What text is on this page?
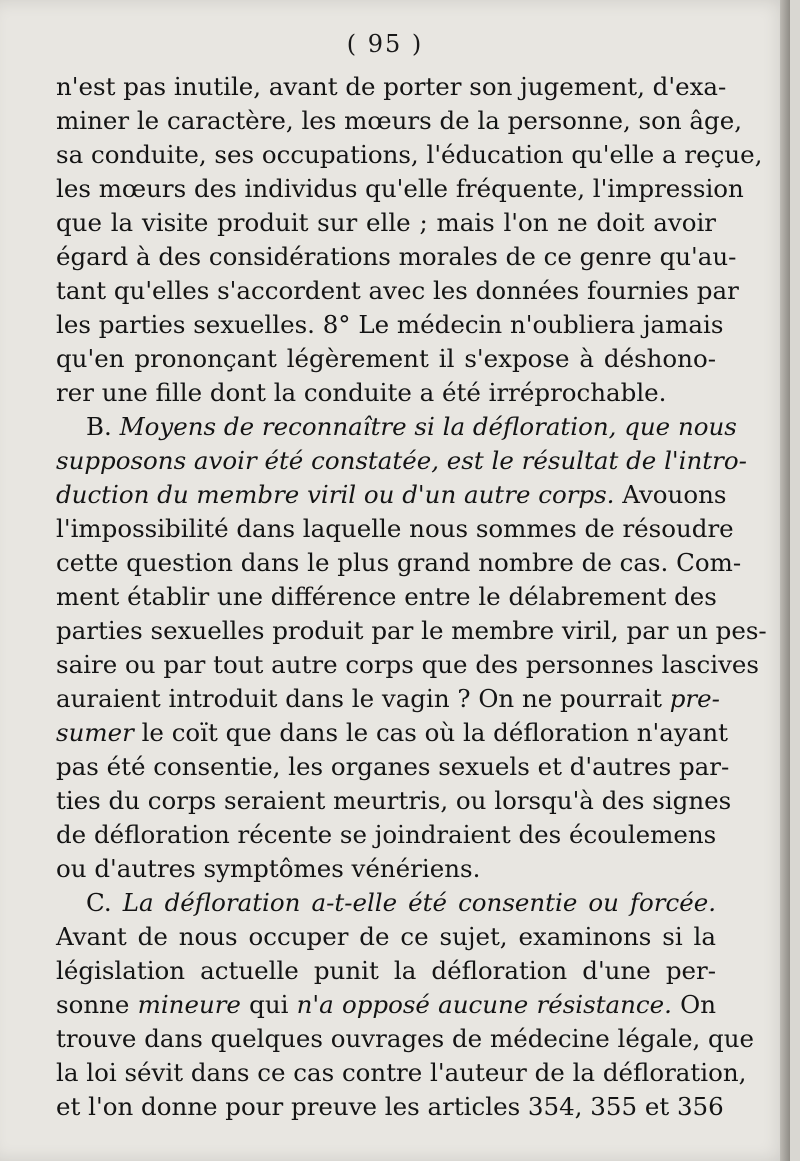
( 95 )
n'est pas inutile, avant de porter son jugement, d'exa-
miner le caractère, les mœurs de la personne, son âge,
sa conduite, ses occupations, l'éducation qu'elle a reçue,
les mœurs des individus qu'elle fréquente, l'impression
que la visite produit sur elle ; mais l'on ne doit avoir
égard à des considérations morales de ce genre qu'au-
tant qu'elles s'accordent avec les données fournies par
les parties sexuelles. 8° Le médecin n'oubliera jamais
qu'en prononçant légèrement il s'expose à déshono-
rer une fille dont la conduite a été irréprochable.
B. Moyens de reconnaître si la défloration, que nous
supposons avoir été constatée, est le résultat de l'intro-
duction du membre viril ou d'un autre corps. Avouons
l'impossibilité dans laquelle nous sommes de résoudre
cette question dans le plus grand nombre de cas. Com-
ment établir une différence entre le délabrement des
parties sexuelles produit par le membre viril, par un pes-
saire ou par tout autre corps que des personnes lascives
auraient introduit dans le vagin ? On ne pourrait pre-
sumer le coït que dans le cas où la défloration n'ayant
pas été consentie, les organes sexuels et d'autres par-
ties du corps seraient meurtris, ou lorsqu'à des signes
de défloration récente se joindraient des écoulemens
ou d'autres symptômes vénériens.
C. La défloration a-t-elle été consentie ou forcée.
Avant de nous occuper de ce sujet, examinons si la
législation actuelle punit la défloration d'une per-
sonne mineure qui n'a opposé aucune résistance. On
trouve dans quelques ouvrages de médecine légale, que
la loi sévit dans ce cas contre l'auteur de la défloration,
et l'on donne pour preuve les articles 354, 355 et 356
